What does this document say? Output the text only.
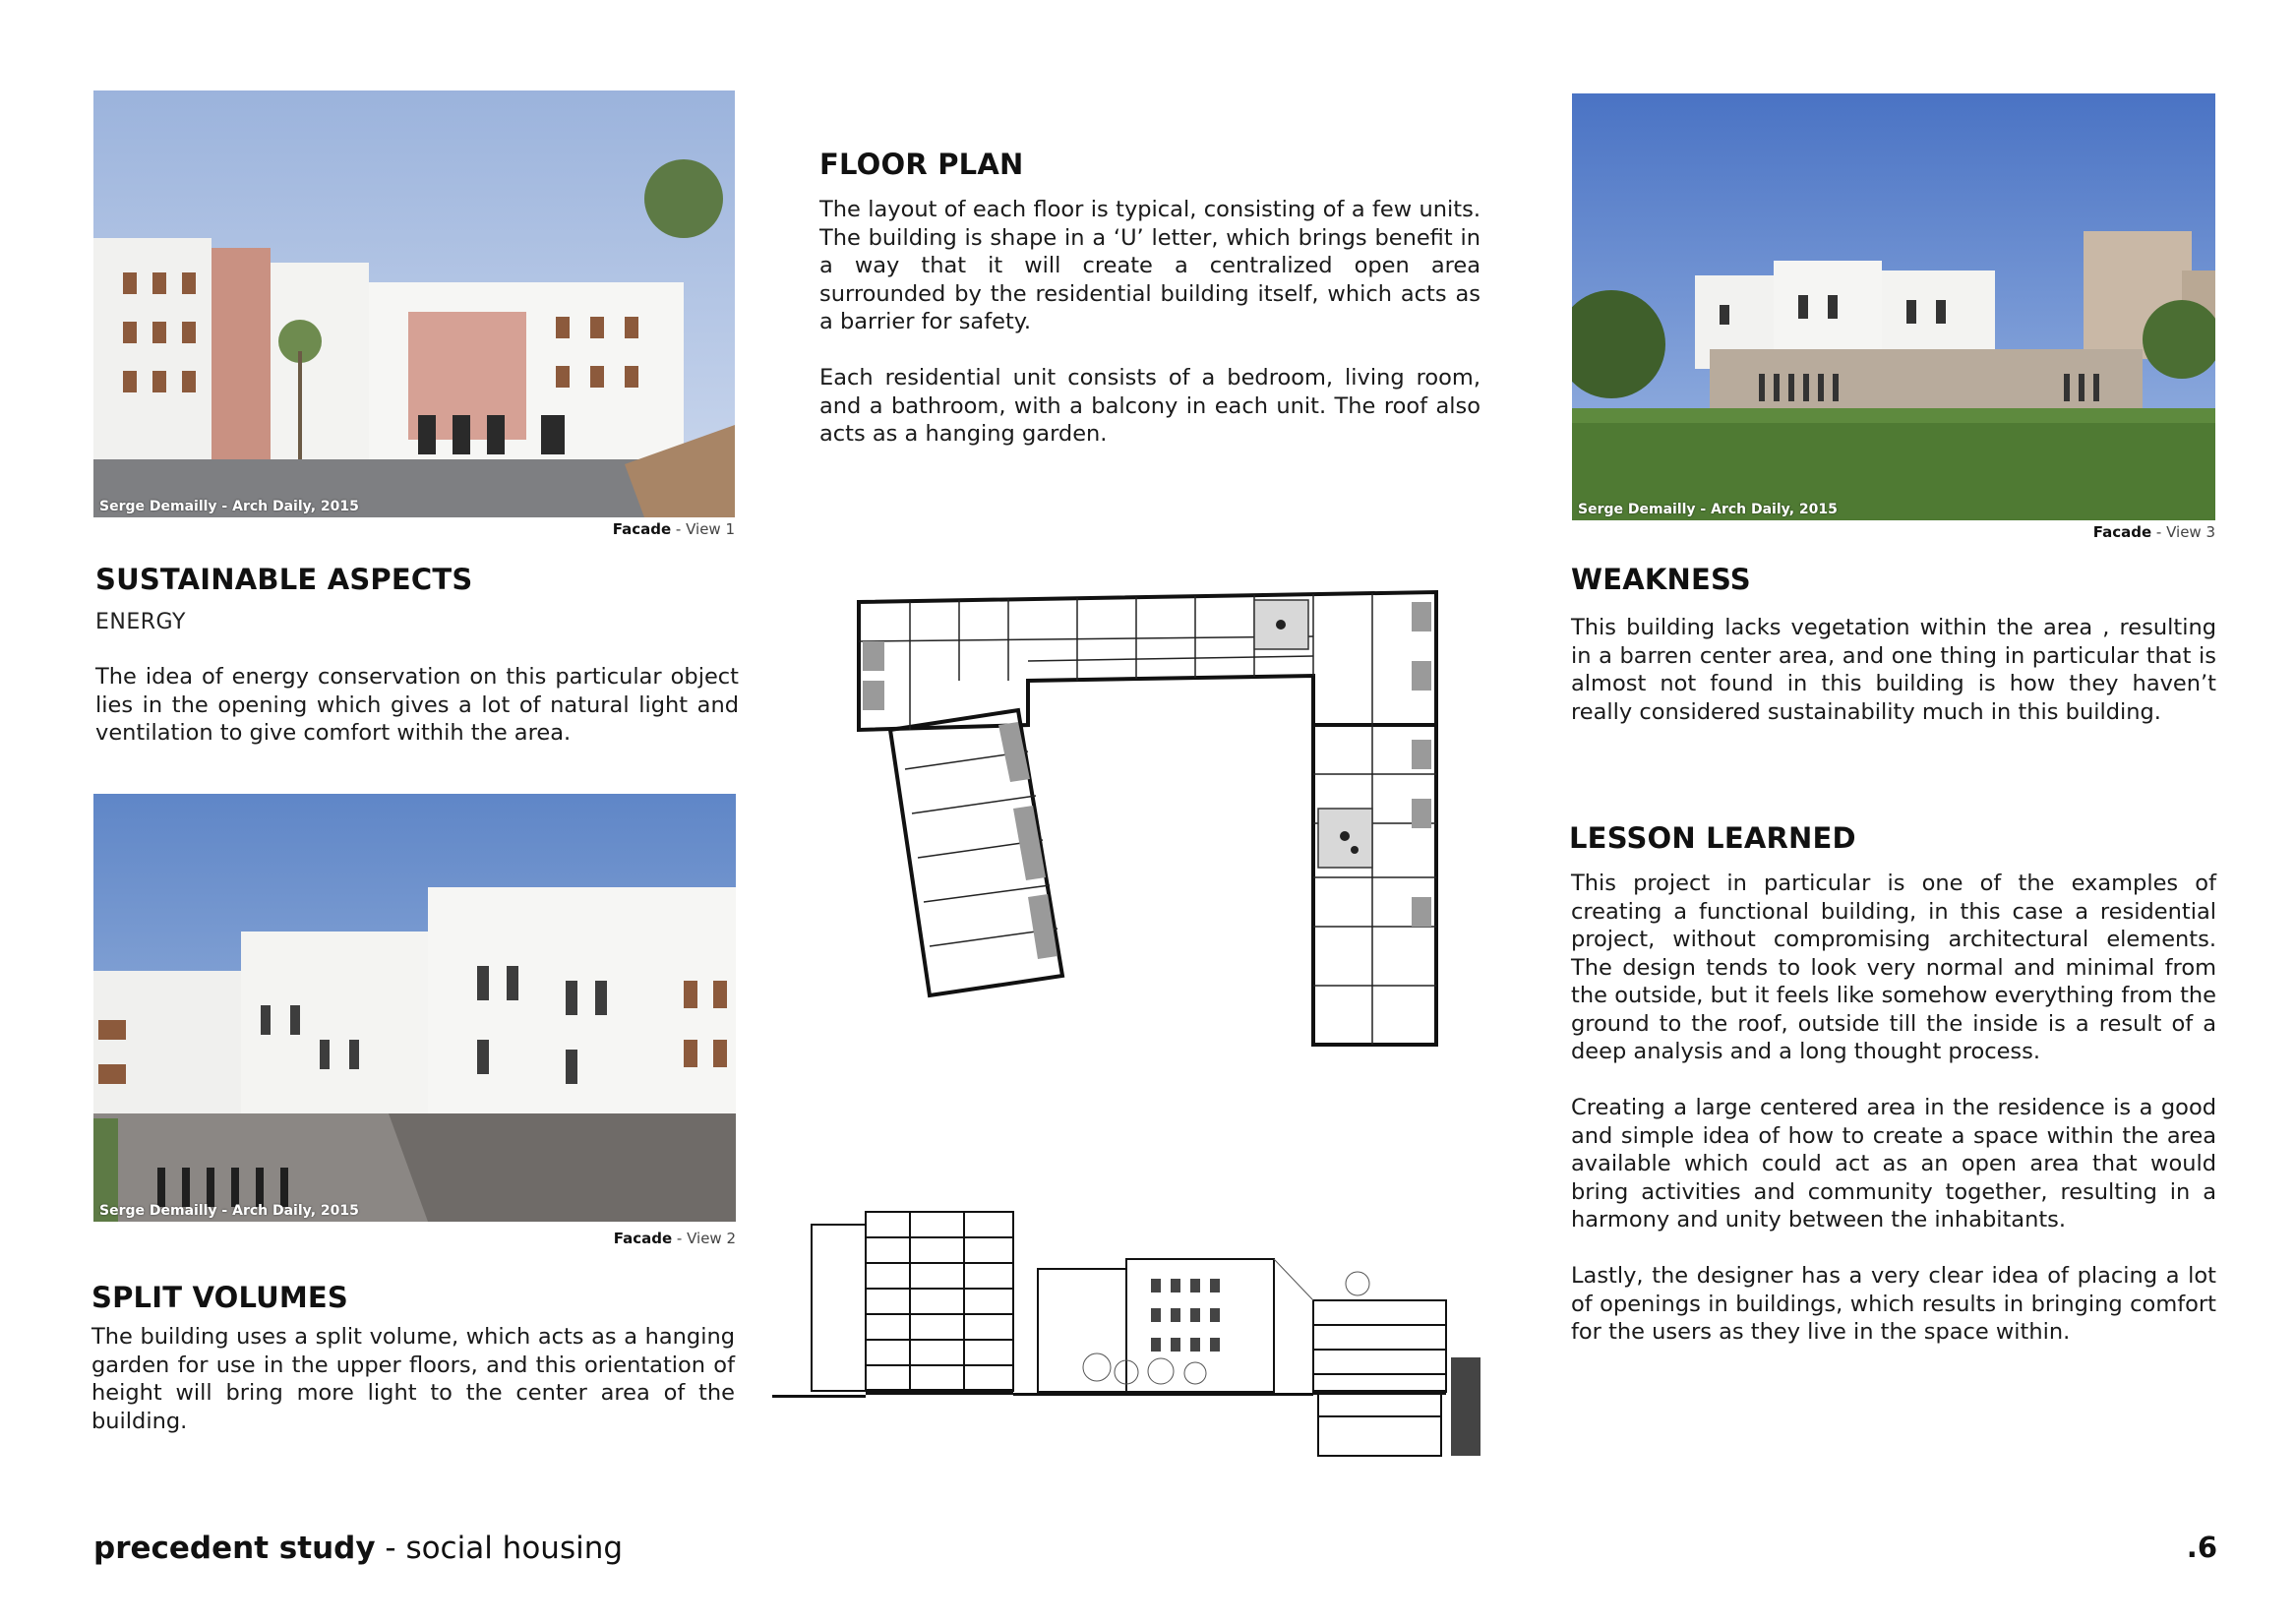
Serge Demailly - Arch Daily, 2015
Facade - View 1
SUSTAINABLE ASPECTS
ENERGY
The idea of energy conservation on this particular object lies in the opening which gives a lot of natural light and ventilation to give comfort withih the area.
Serge Demailly - Arch Daily, 2015
Facade - View 2
SPLIT VOLUMES
The building uses a split volume, which acts as a hanging garden for use in the upper floors, and this orientation of height will bring more light to the center area of the building.
FLOOR PLAN

The layout of each floor is typical, consisting of a few units. The building is shape in a ‘U’ letter, which brings benefit in a way that it will create a centralized open area surrounded by the residential building itself, which acts as a barrier for safety.

Each residential unit consists of a bedroom, living room, and a bathroom, with a balcony in each unit. The roof also acts as a hanging garden.

Serge Demailly - Arch Daily, 2015
Facade - View 3
WEAKNESS
This building lacks vegetation within the area , resulting in a barren center area, and one thing in particular that is almost not found in this building is how they haven’t really considered sustainability much in this building.
LESSON LEARNED

This project in particular is one of the examples of creating a functional building, in this case a residential project, without compromising architectural elements. The design tends to look very normal and minimal from the outside, but it feels like somehow everything from the ground to the roof, outside till the inside is a result of a deep analysis and a long thought process.

Creating a large centered area in the residence is a good and simple idea of how to create a space within the area available which could act as an open area that would bring activities and community together, resulting in a harmony and unity between the inhabitants.

Lastly, the designer has a very clear idea of placing a lot of openings in buildings, which results in bringing comfort for the users as they live in the space within.

precedent study - social housing	.6
